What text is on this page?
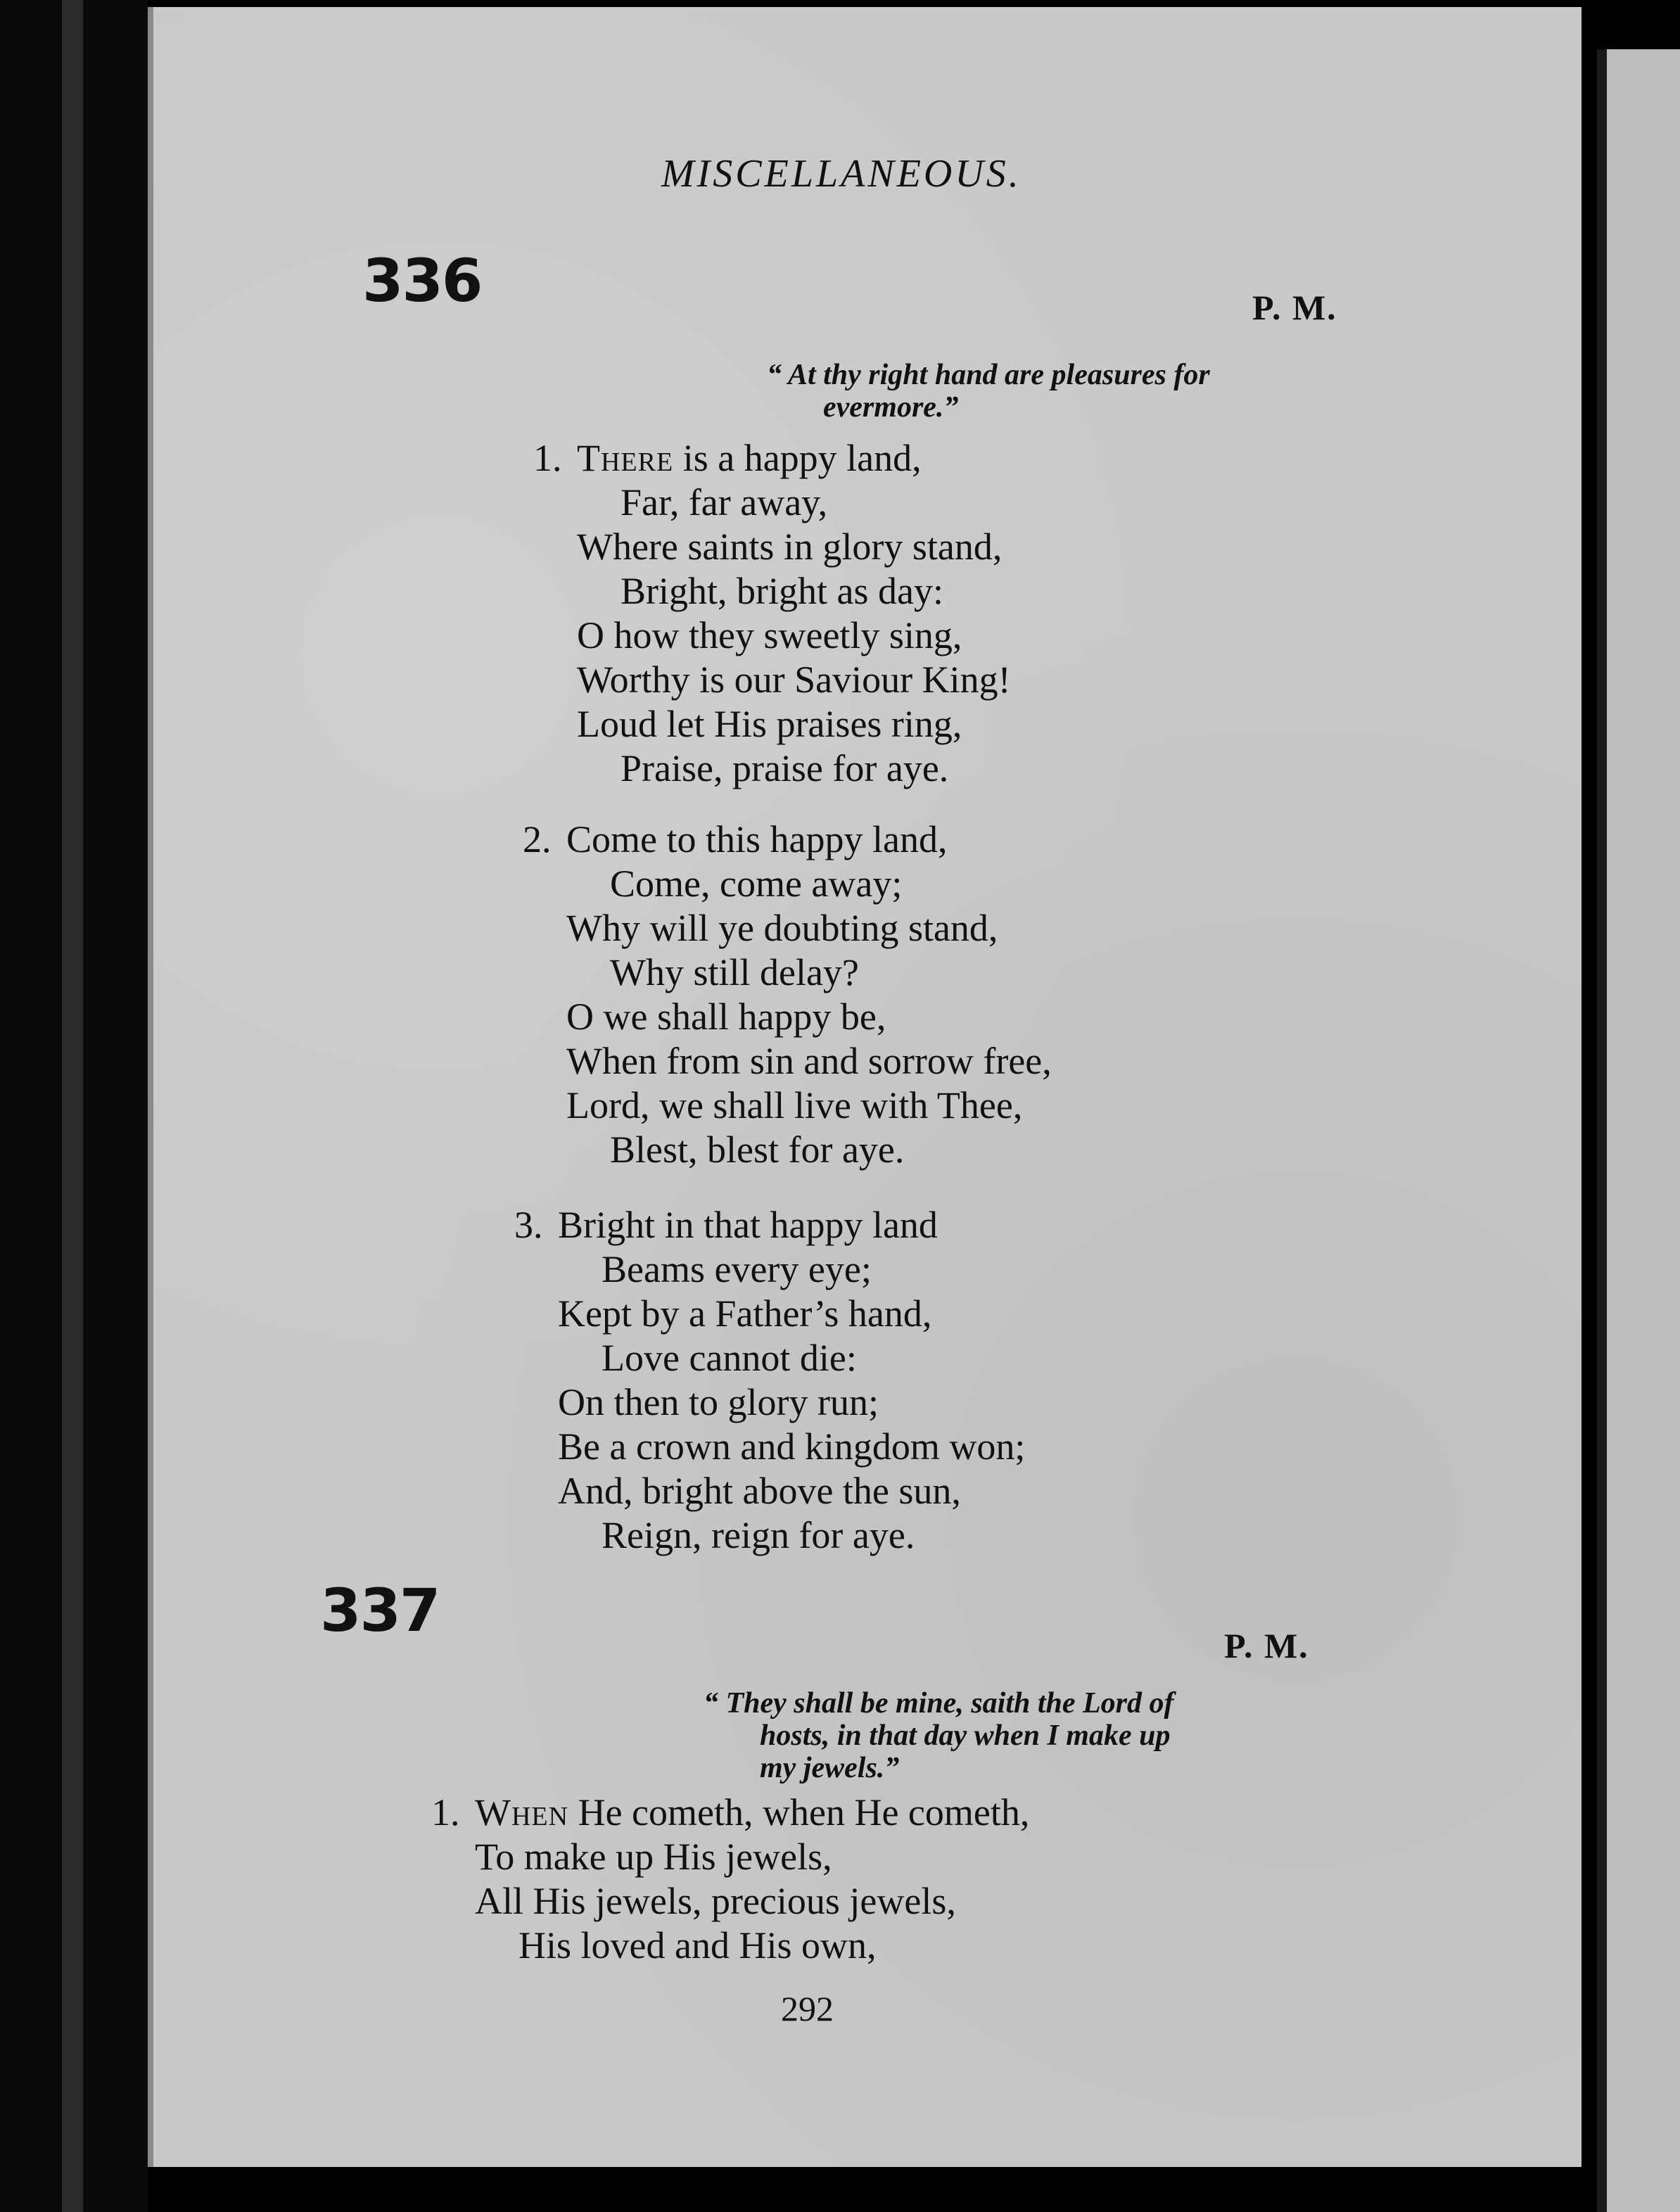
MISCELLANEOUS.
336	P. M.
“ At thy right hand are pleasures for
evermore.”
1. There is a happy land,
Far, far away,
Where saints in glory stand,
Bright, bright as day:
O how they sweetly sing,
Worthy is our Saviour King!
Loud let His praises ring,
Praise, praise for aye.
2. Come to this happy land,
Come, come away;
Why will ye doubting stand,
Why still delay?
O we shall happy be,
When from sin and sorrow free,
Lord, we shall live with Thee,
Blest, blest for aye.
3. Bright in that happy land
Beams every eye;
Kept by a Father’s hand,
Love cannot die:
On then to glory run;
Be a crown and kingdom won;
And, bright above the sun,
Reign, reign for aye.
337
P. M.
“ They shall be mine, saith the Lord of
hosts, in that day when I make up
my jewels.”
1. When He cometh, when He cometh,
To make up His jewels,
All His jewels, precious jewels,
His loved and His own,
292
